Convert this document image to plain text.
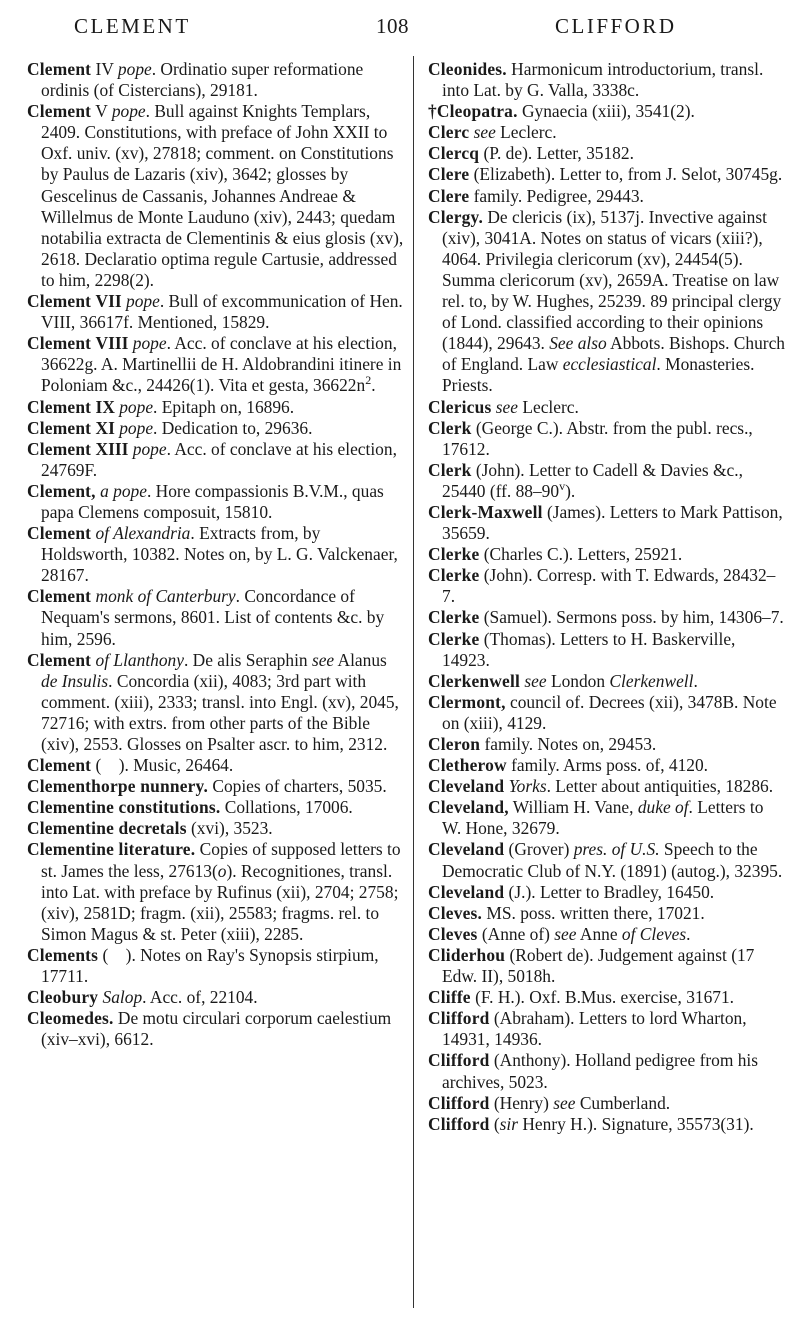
CLEMENT	108	CLIFFORD

Clement IV pope. Ordinatio super reformatione ordinis (of Cistercians), 29181.

Clement V pope. Bull against Knights Templars, 2409. Constitutions, with preface of John XXII to Oxf. univ. (xv), 27818; comment. on Constitutions by Paulus de Lazaris (xiv), 3642; glosses by Gescelinus de Cassanis, Johannes Andreae & Willelmus de Monte Lauduno (xiv), 2443; quedam notabilia extracta de Clementinis & eius glosis (xv), 2618. Declaratio optima regule Cartusie, addressed to him, 2298(2).

Clement VII pope. Bull of excommunication of Hen. VIII, 36617f. Mentioned, 15829.

Clement VIII pope. Acc. of conclave at his election, 36622g. A. Martinellii de H. Aldobrandini itinere in Poloniam &c., 24426(1). Vita et gesta, 36622n$^2$.

Clement IX pope. Epitaph on, 16896.

Clement XI pope. Dedication to, 29636.

Clement XIII pope. Acc. of conclave at his election, 24769F.

Clement, a pope. Hore compassionis B.V.M., quas papa Clemens composuit, 15810.

Clement of Alexandria. Extracts from, by Holdsworth, 10382. Notes on, by L. G. Valckenaer, 28167.

Clement monk of Canterbury. Concordance of Nequam's sermons, 8601. List of contents &c. by him, 2596.

Clement of Llanthony. De alis Seraphin see Alanus de Insulis. Concordia (xii), 4083; 3rd part with comment. (xiii), 2333; transl. into Engl. (xv), 2045, 72716; with extrs. from other parts of the Bible (xiv), 2553. Glosses on Psalter ascr. to him, 2312.

Clement (    ). Music, 26464.

Clementhorpe nunnery. Copies of charters, 5035.

Clementine constitutions. Collations, 17006.

Clementine decretals (xvi), 3523.

Clementine literature. Copies of supposed letters to st. James the less, 27613(o). Recognitiones, transl. into Lat. with preface by Rufinus (xii), 2704; 2758; (xiv), 2581D; fragm. (xii), 25583; fragms. rel. to Simon Magus & st. Peter (xiii), 2285.

Clements (    ). Notes on Ray's Synopsis stirpium, 17711.

Cleobury Salop. Acc. of, 22104.

Cleomedes. De motu circulari corporum caelestium (xiv–xvi), 6612.

Cleonides. Harmonicum introductorium, transl. into Lat. by G. Valla, 3338c.

†Cleopatra. Gynaecia (xiii), 3541(2).

Clerc see Leclerc.

Clercq (P. de). Letter, 35182.

Clere (Elizabeth). Letter to, from J. Selot, 30745g.

Clere family. Pedigree, 29443.

Clergy. De clericis (ix), 5137j. Invective against (xiv), 3041A. Notes on status of vicars (xiii?), 4064. Privilegia clericorum (xv), 24454(5). Summa clericorum (xv), 2659A. Treatise on law rel. to, by W. Hughes, 25239. 89 principal clergy of Lond. classified according to their opinions (1844), 29643. See also Abbots. Bishops. Church of England. Law ecclesiastical. Monasteries. Priests.

Clericus see Leclerc.

Clerk (George C.). Abstr. from the publ. recs., 17612.

Clerk (John). Letter to Cadell & Davies &c., 25440 (ff. 88–90$^v$).

Clerk-Maxwell (James). Letters to Mark Pattison, 35659.

Clerke (Charles C.). Letters, 25921.

Clerke (John). Corresp. with T. Edwards, 28432–7.

Clerke (Samuel). Sermons poss. by him, 14306–7.

Clerke (Thomas). Letters to H. Baskerville, 14923.

Clerkenwell see London Clerkenwell.

Clermont, council of. Decrees (xii), 3478B. Note on (xiii), 4129.

Cleron family. Notes on, 29453.

Cletherow family. Arms poss. of, 4120.

Cleveland Yorks. Letter about antiquities, 18286.

Cleveland, William H. Vane, duke of. Letters to W. Hone, 32679.

Cleveland (Grover) pres. of U.S. Speech to the Democratic Club of N.Y. (1891) (autog.), 32395.

Cleveland (J.). Letter to Bradley, 16450.

Cleves. MS. poss. written there, 17021.

Cleves (Anne of) see Anne of Cleves.

Cliderhou (Robert de). Judgement against (17 Edw. II), 5018h.

Cliffe (F. H.). Oxf. B.Mus. exercise, 31671.

Clifford (Abraham). Letters to lord Wharton, 14931, 14936.

Clifford (Anthony). Holland pedigree from his archives, 5023.

Clifford (Henry) see Cumberland.

Clifford (sir Henry H.). Signature, 35573(31).
